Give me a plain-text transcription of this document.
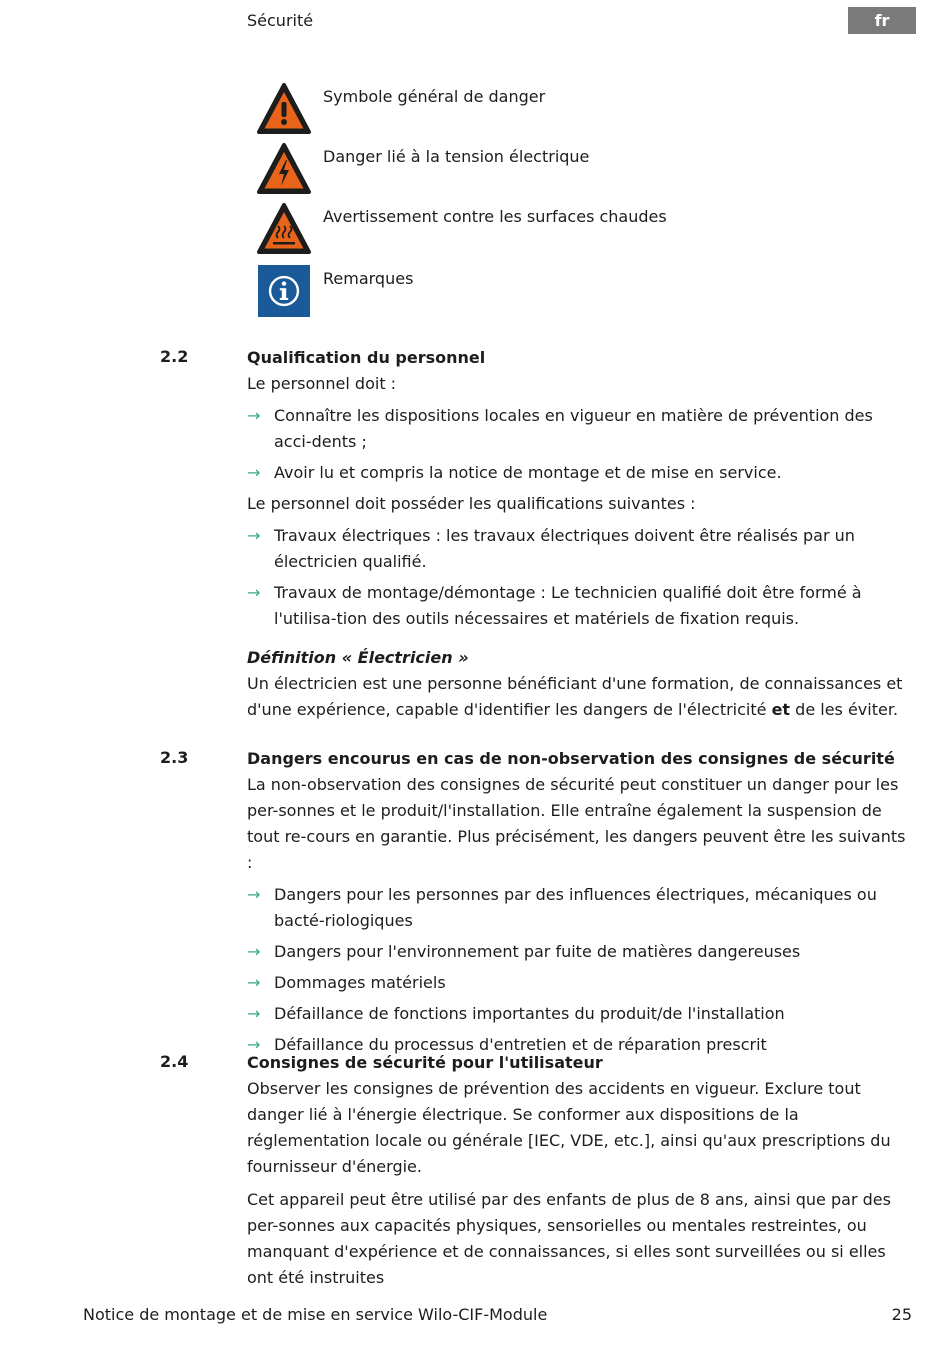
Sécurité	fr
Symbole général de danger
Danger lié à la tension électrique
Avertissement contre les surfaces chaudes
Remarques
2.2	Qualification du personnel

Le personnel doit :

→ Connaître les dispositions locales en vigueur en matière de prévention des acci-dents ;
→ Avoir lu et compris la notice de montage et de mise en service.

Le personnel doit posséder les qualifications suivantes :

→ Travaux électriques : les travaux électriques doivent être réalisés par un électricien qualifié.
→ Travaux de montage/démontage : Le technicien qualifié doit être formé à l'utilisa-tion des outils nécessaires et matériels de fixation requis.

Définition « Électricien »

Un électricien est une personne bénéficiant d'une formation, de connaissances et d'une expérience, capable d'identifier les dangers de l'électricité et de les éviter.

2.3	Dangers encourus en cas de non-observation des consignes de sécurité

La non-observation des consignes de sécurité peut constituer un danger pour les per-sonnes et le produit/l'installation. Elle entraîne également la suspension de tout re-cours en garantie. Plus précisément, les dangers peuvent être les suivants :

→ Dangers pour les personnes par des influences électriques, mécaniques ou bacté-riologiques
→ Dangers pour l'environnement par fuite de matières dangereuses
→ Dommages matériels
→ Défaillance de fonctions importantes du produit/de l'installation
→ Défaillance du processus d'entretien et de réparation prescrit
2.4	Consignes de sécurité pour l'utilisateur

Observer les consignes de prévention des accidents en vigueur. Exclure tout danger lié à l'énergie électrique. Se conformer aux dispositions de la réglementation locale ou générale [IEC, VDE, etc.], ainsi qu'aux prescriptions du fournisseur d'énergie.

Cet appareil peut être utilisé par des enfants de plus de 8 ans, ainsi que par des per-sonnes aux capacités physiques, sensorielles ou mentales restreintes, ou manquant d'expérience et de connaissances, si elles sont surveillées ou si elles ont été instruites

Notice de montage et de mise en service Wilo-CIF-Module	25
